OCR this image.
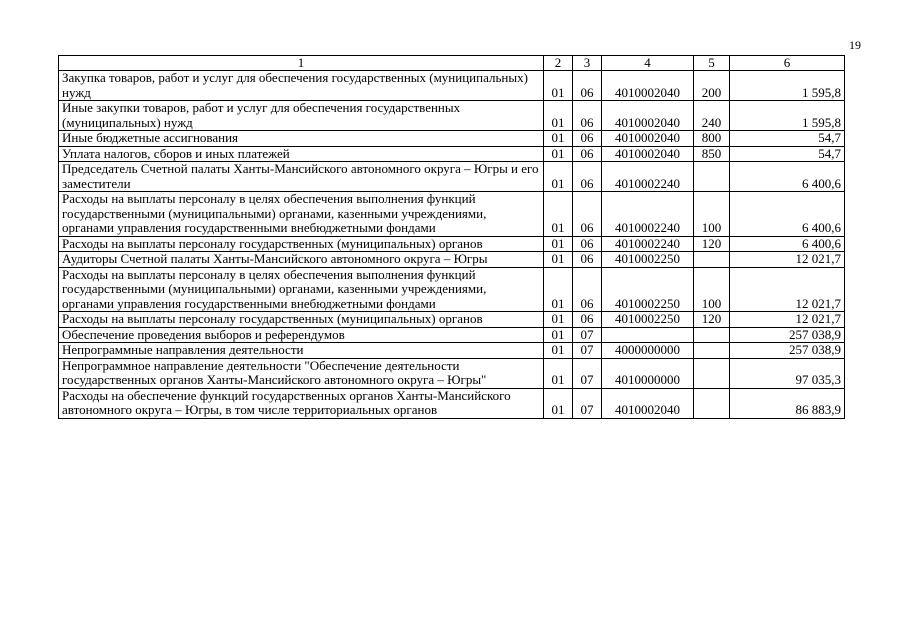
19
1	2	3	4	5	6
Закупка товаров, работ и услуг для обеспечения государственных (муниципальных) нужд	01	06	4010002040	200	1 595,8
Иные закупки товаров, работ и услуг для обеспечения государственных (муниципальных) нужд	01	06	4010002040	240	1 595,8
Иные бюджетные ассигнования	01	06	4010002040	800	54,7
Уплата налогов, сборов и иных платежей	01	06	4010002040	850	54,7
Председатель Счетной палаты Ханты-Мансийского автономного округа – Югры и его заместители	01	06	4010002240		6 400,6
Расходы на выплаты персоналу в целях обеспечения выполнения функций государственными (муниципальными) органами, казенными учреждениями, органами управления государственными внебюджетными фондами	01	06	4010002240	100	6 400,6
Расходы на выплаты персоналу государственных (муниципальных) органов	01	06	4010002240	120	6 400,6
Аудиторы Счетной палаты Ханты-Мансийского автономного округа – Югры	01	06	4010002250		12 021,7
Расходы на выплаты персоналу в целях обеспечения выполнения функций государственными (муниципальными) органами, казенными учреждениями, органами управления государственными внебюджетными фондами	01	06	4010002250	100	12 021,7
Расходы на выплаты персоналу государственных (муниципальных) органов	01	06	4010002250	120	12 021,7
Обеспечение проведения выборов и референдумов	01	07			257 038,9
Непрограммные направления деятельности	01	07	4000000000		257 038,9
Непрограммное направление деятельности "Обеспечение деятельности государственных органов Ханты-Мансийского автономного округа – Югры"	01	07	4010000000		97 035,3
Расходы на обеспечение функций государственных органов Ханты-Мансийского автономного округа – Югры, в том числе территориальных органов	01	07	4010002040		86 883,9
